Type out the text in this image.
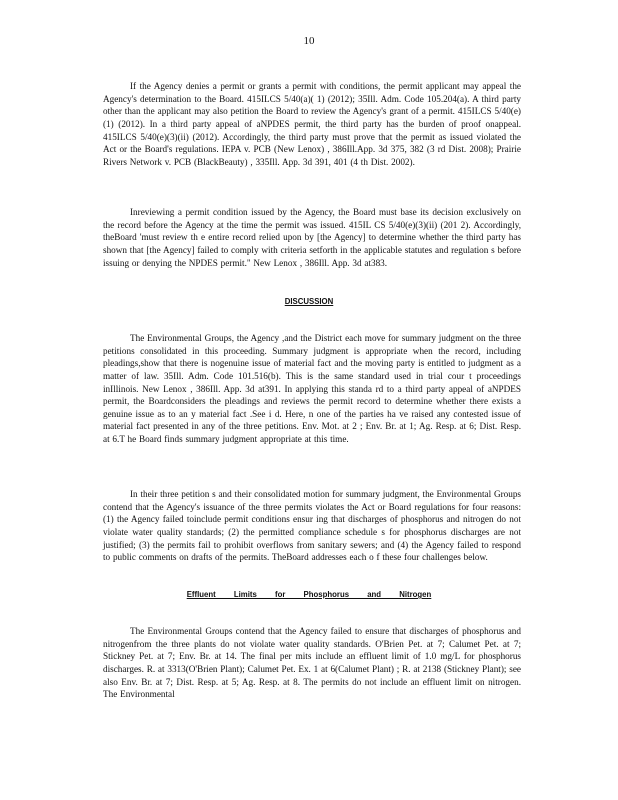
10

If the Agency denies a permit or grants a permit with conditions, the permit applicant may appeal the Agency's determination to the Board. 415ILCS 5/40(a)( 1) (2012); 35Ill. Adm. Code 105.204(a). A third party other than the applicant may also petition the Board to review the Agency's grant of a permit. 415ILCS 5/40(e)(1) (2012). In a third party appeal of aNPDES permit, the third party has the burden of proof onappeal. 415ILCS 5/40(e)(3)(ii) (2012). Accordingly, the third party must prove that the permit as issued violated the Act or the Board's regulations. IEPA v. PCB (New Lenox) , 386Ill.App. 3d 375, 382 (3 rd Dist. 2008); Prairie Rivers Network v. PCB (BlackBeauty) , 335Ill. App. 3d 391, 401 (4 th Dist. 2002).

Inreviewing a permit condition issued by the Agency, the Board must base its decision exclusively on the record before the Agency at the time the permit was issued. 415IL CS 5/40(e)(3)(ii) (201 2). Accordingly, theBoard 'must review th e entire record relied upon by [the Agency] to determine whether the third party has shown that [the Agency] failed to comply with criteria setforth in the applicable statutes and regulation s before issuing or denying the NPDES permit." New Lenox , 386Ill. App. 3d at383.

DISCUSSION

The Environmental Groups, the Agency ,and the District each move for summary judgment on the three petitions consolidated in this proceeding. Summary judgment is appropriate when the record, including pleadings,show that there is nogenuine issue of material fact and the moving party is entitled to judgment as a matter of law. 35Ill. Adm. Code 101.516(b). This is the same standard used in trial cour t proceedings inIllinois. New Lenox , 386Ill. App. 3d at391. In applying this standa rd to a third party appeal of aNPDES permit, the Boardconsiders the pleadings and reviews the permit record to determine whether there exists a genuine issue as to an y material fact .See i d. Here, n one of the parties ha ve raised any contested issue of material fact presented in any of the three petitions. Env. Mot. at 2 ; Env. Br. at 1; Ag. Resp. at 6; Dist. Resp. at 6.T he Board finds summary judgment appropriate at this time.

In their three petition s and their consolidated motion for summary judgment, the Environmental Groups contend that the Agency's issuance of the three permits violates the Act or Board regulations for four reasons: (1) the Agency failed toinclude permit conditions ensur ing that discharges of phosphorus and nitrogen do not violate water quality standards; (2) the permitted compliance schedule s for phosphorus discharges are not justified; (3) the permits fail to prohibit overflows from sanitary sewers; and (4) the Agency failed to respond to public comments on drafts of the permits. TheBoard addresses each o f these four challenges below.

Effluent Limits for Phosphorus and Nitrogen

The Environmental Groups contend that the Agency failed to ensure that discharges of phosphorus and nitrogenfrom the three plants do not violate water quality standards. O'Brien Pet. at 7; Calumet Pet. at 7; Stickney Pet. at 7; Env. Br. at 14. The final per mits include an effluent limit of 1.0 mg/L for phosphorus discharges. R. at 3313(O'Brien Plant); Calumet Pet. Ex. 1 at 6(Calumet Plant) ; R. at 2138 (Stickney Plant); see also Env. Br. at 7; Dist. Resp. at 5; Ag. Resp. at 8. The permits do not include an effluent limit on nitrogen. The Environmental
